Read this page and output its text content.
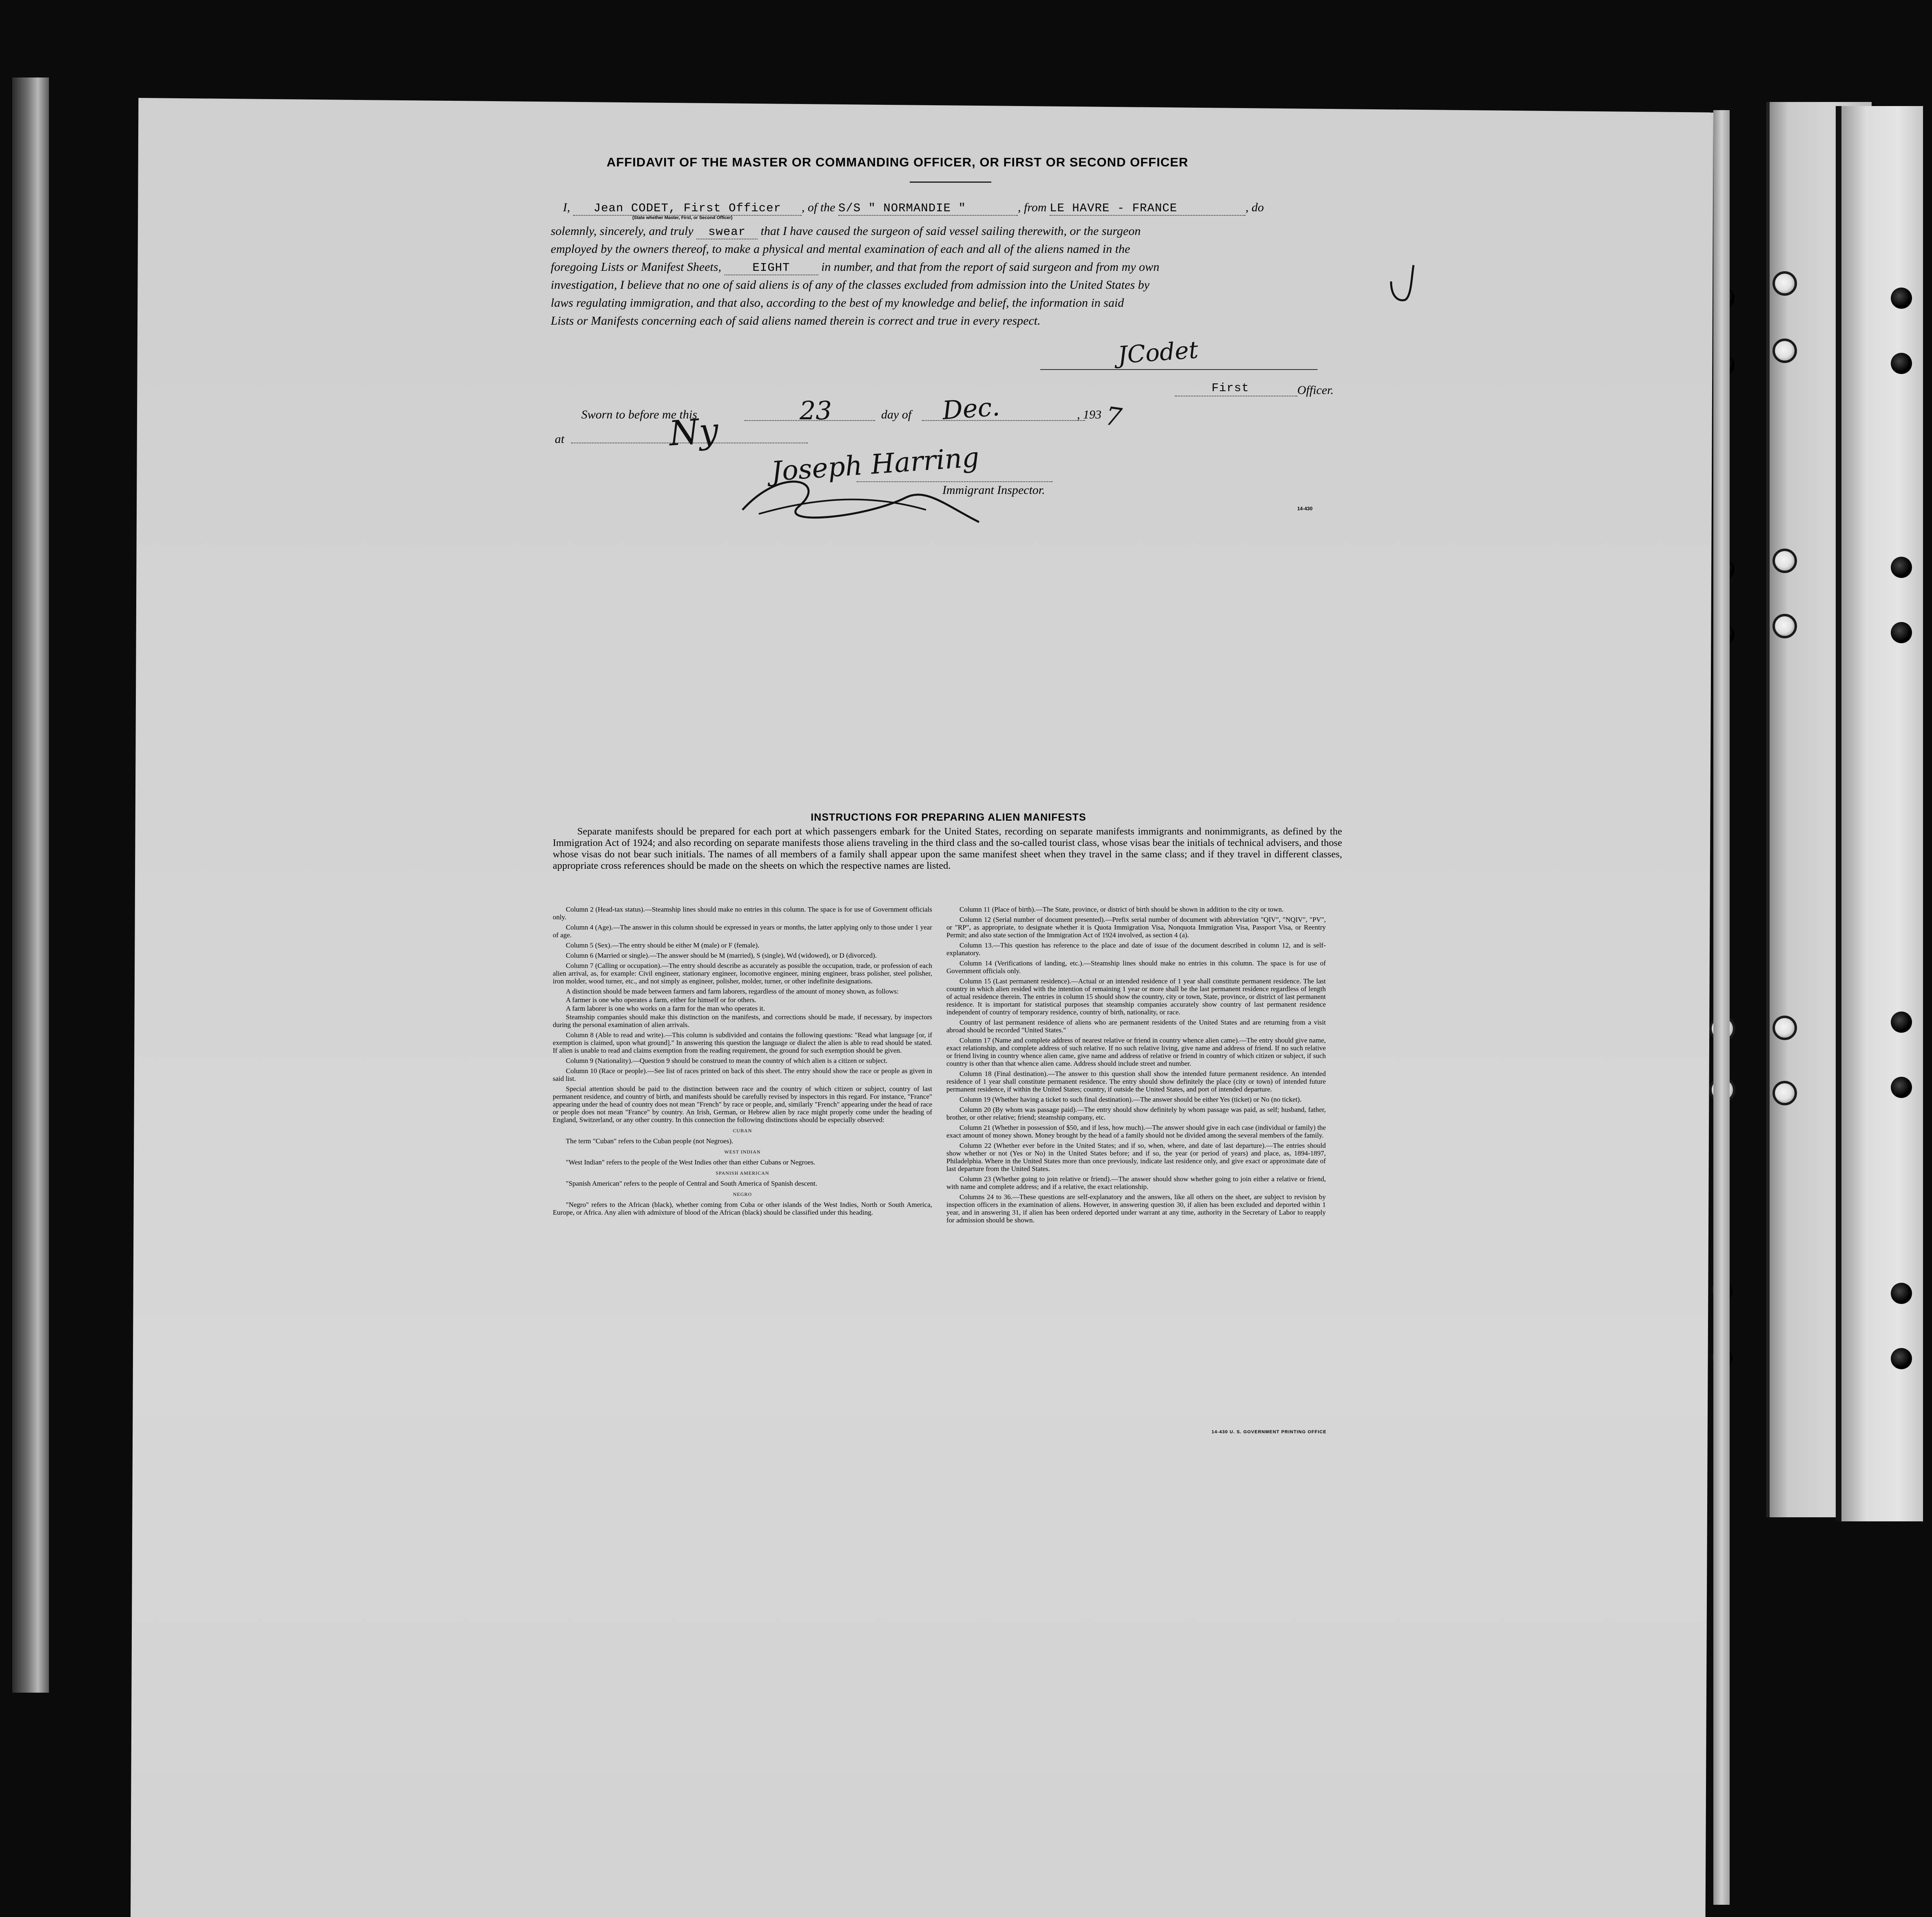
AFFIDAVIT OF THE MASTER OR COMMANDING OFFICER, OR FIRST OR SECOND OFFICER
I, Jean CODET, First Officer , of the S/S " NORMANDIE "	, from LE HAVRE - FRANCE	, do
(State whether Master, First, or Second Officer)
solemnly, sincerely, and truly swear that I have caused the surgeon of said vessel sailing therewith, or the surgeon
employed by the owners thereof, to make a physical and mental examination of each and all of the aliens named in the
foregoing Lists or Manifest Sheets,	EIGHT	in number, and that from the report of said surgeon and from my own
investigation, I believe that no one of said aliens is of any of the classes excluded from admission into the United States by
laws regulating immigration, and that also, according to the best of my knowledge and belief, the information in said
Lists or Manifests concerning each of said aliens named therein is correct and true in every respect.
JCodet
First	Officer.
Sworn to before me this	23	day of Dec.	, 193 7
at	Ny
Joseph Harring
Immigrant Inspector.
14-430
INSTRUCTIONS FOR PREPARING ALIEN MANIFESTS
Separate manifests should be prepared for each port at which passengers embark for the United States, recording on separate manifests immigrants and nonimmigrants, as defined by the Immigration Act of 1924; and also recording on separate manifests those aliens traveling in the third class and the so-called tourist class, whose visas bear the initials of technical advisers, and those whose visas do not bear such initials. The names of all members of a family shall appear upon the same manifest sheet when they travel in the same class; and if they travel in different classes, appropriate cross references should be made on the sheets on which the respective names are listed.

Column 2 (Head-tax status).—Steamship lines should make no entries in this column. The space is for use of Government officials only.

Column 4 (Age).—The answer in this column should be expressed in years or months, the latter applying only to those under 1 year of age.

Column 5 (Sex).—The entry should be either M (male) or F (female).

Column 6 (Married or single).—The answer should be M (married), S (single), Wd (widowed), or D (divorced).

Column 7 (Calling or occupation).—The entry should describe as accurately as possible the occupation, trade, or profession of each alien arrival, as, for example: Civil engineer, stationary engineer, locomotive engineer, mining engineer, brass polisher, steel polisher, iron molder, wood turner, etc., and not simply as engineer, polisher, molder, turner, or other indefinite designations.

A distinction should be made between farmers and farm laborers, regardless of the amount of money shown, as follows:

A farmer is one who operates a farm, either for himself or for others.

A farm laborer is one who works on a farm for the man who operates it.

Steamship companies should make this distinction on the manifests, and corrections should be made, if necessary, by inspectors during the personal examination of alien arrivals.

Column 8 (Able to read and write).—This column is subdivided and contains the following questions: "Read what language [or, if exemption is claimed, upon what ground]." In answering this question the language or dialect the alien is able to read should be stated. If alien is unable to read and claims exemption from the reading requirement, the ground for such exemption should be given.

Column 9 (Nationality).—Question 9 should be construed to mean the country of which alien is a citizen or subject.

Column 10 (Race or people).—See list of races printed on back of this sheet. The entry should show the race or people as given in said list.

Special attention should be paid to the distinction between race and the country of which citizen or subject, country of last permanent residence, and country of birth, and manifests should be carefully revised by inspectors in this regard. For instance, "France" appearing under the head of country does not mean "French" by race or people, and, similarly "French" appearing under the head of race or people does not mean "France" by country. An Irish, German, or Hebrew alien by race might properly come under the heading of England, Switzerland, or any other country. In this connection the following distinctions should be especially observed:

CUBAN

The term "Cuban" refers to the Cuban people (not Negroes).

WEST INDIAN

"West Indian" refers to the people of the West Indies other than either Cubans or Negroes.

SPANISH AMERICAN

"Spanish American" refers to the people of Central and South America of Spanish descent.

NEGRO

"Negro" refers to the African (black), whether coming from Cuba or other islands of the West Indies, North or South America, Europe, or Africa. Any alien with admixture of blood of the African (black) should be classified under this heading.

Column 11 (Place of birth).—The State, province, or district of birth should be shown in addition to the city or town.

Column 12 (Serial number of document presented).—Prefix serial number of document with abbreviation "QIV", "NQIV", "PV", or "RP", as appropriate, to designate whether it is Quota Immigration Visa, Nonquota Immigration Visa, Passport Visa, or Reentry Permit; and also state section of the Immigration Act of 1924 involved, as section 4 (a).

Column 13.—This question has reference to the place and date of issue of the document described in column 12, and is self-explanatory.

Column 14 (Verifications of landing, etc.).—Steamship lines should make no entries in this column. The space is for use of Government officials only.

Column 15 (Last permanent residence).—Actual or an intended residence of 1 year shall constitute permanent residence. The last country in which alien resided with the intention of remaining 1 year or more shall be the last permanent residence regardless of length of actual residence therein. The entries in column 15 should show the country, city or town, State, province, or district of last permanent residence. It is important for statistical purposes that steamship companies accurately show country of last permanent residence independent of country of temporary residence, country of birth, nationality, or race.

Country of last permanent residence of aliens who are permanent residents of the United States and are returning from a visit abroad should be recorded "United States."

Column 17 (Name and complete address of nearest relative or friend in country whence alien came).—The entry should give name, exact relationship, and complete address of such relative. If no such relative living, give name and address of friend. If no such relative or friend living in country whence alien came, give name and address of relative or friend in country of which citizen or subject, if such country is other than that whence alien came. Address should include street and number.

Column 18 (Final destination).—The answer to this question shall show the intended future permanent residence. An intended residence of 1 year shall constitute permanent residence. The entry should show definitely the place (city or town) of intended future permanent residence, if within the United States; country, if outside the United States, and port of intended departure.

Column 19 (Whether having a ticket to such final destination).—The answer should be either Yes (ticket) or No (no ticket).

Column 20 (By whom was passage paid).—The entry should show definitely by whom passage was paid, as self; husband, father, brother, or other relative; friend; steamship company, etc.

Column 21 (Whether in possession of $50, and if less, how much).—The answer should give in each case (individual or family) the exact amount of money shown. Money brought by the head of a family should not be divided among the several members of the family.

Column 22 (Whether ever before in the United States; and if so, when, where, and date of last departure).—The entries should show whether or not (Yes or No) in the United States before; and if so, the year (or period of years) and place, as, 1894-1897, Philadelphia. Where in the United States more than once previously, indicate last residence only, and give exact or approximate date of last departure from the United States.

Column 23 (Whether going to join relative or friend).—The answer should show whether going to join either a relative or friend, with name and complete address; and if a relative, the exact relationship.

Columns 24 to 36.—These questions are self-explanatory and the answers, like all others on the sheet, are subject to revision by inspection officers in the examination of aliens. However, in answering question 30, if alien has been excluded and deported within 1 year, and in answering 31, if alien has been ordered deported under warrant at any time, authority in the Secretary of Labor to reapply for admission should be shown.

14-430 U. S. GOVERNMENT PRINTING OFFICE
